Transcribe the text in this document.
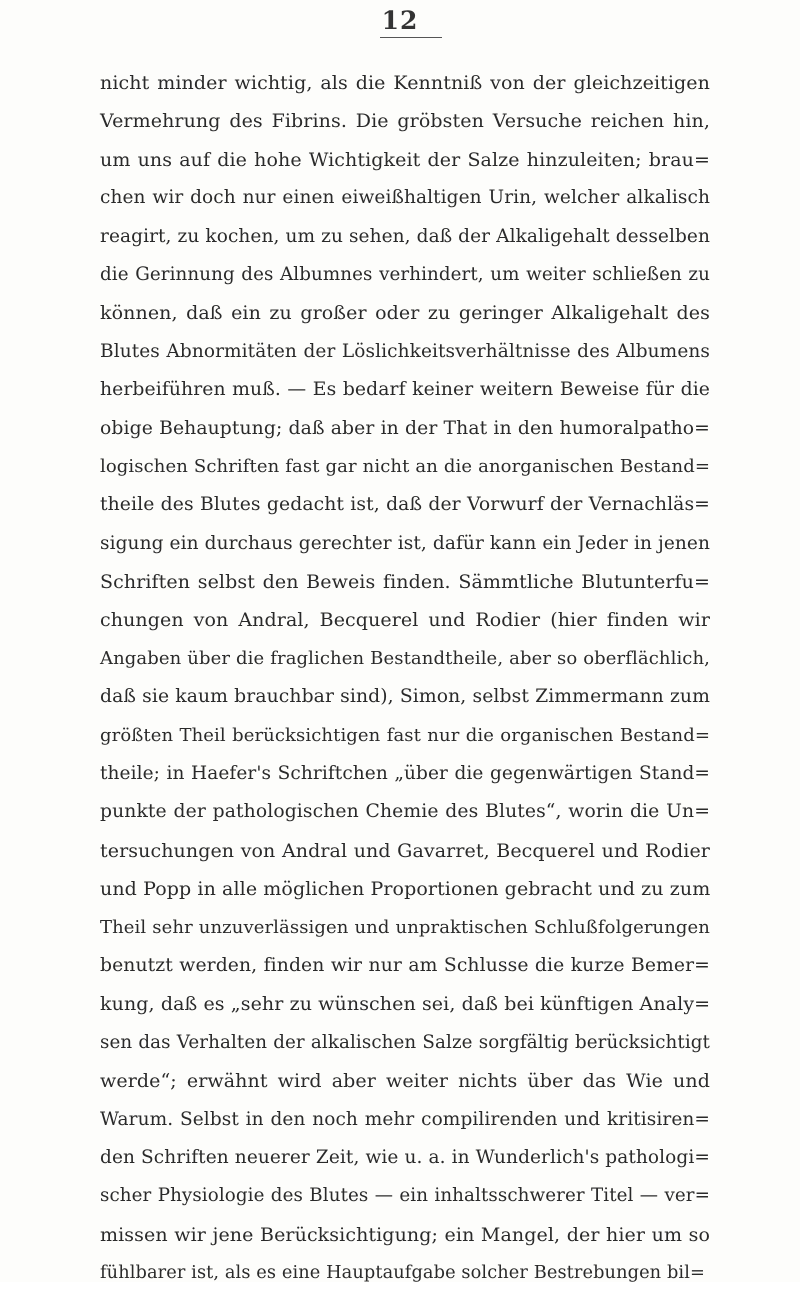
12
nicht minder wichtig, als die Kenntniß von der gleichzeitigen
Vermehrung des Fibrins. Die gröbsten Versuche reichen hin,
um uns auf die hohe Wichtigkeit der Salze hinzuleiten; brau=
chen wir doch nur einen eiweißhaltigen Urin, welcher alkalisch
reagirt, zu kochen, um zu sehen, daß der Alkaligehalt desselben
die Gerinnung des Albumnes verhindert, um weiter schließen zu
können, daß ein zu großer oder zu geringer Alkaligehalt des
Blutes Abnormitäten der Löslichkeitsverhältnisse des Albumens
herbeiführen muß. — Es bedarf keiner weitern Beweise für die
obige Behauptung; daß aber in der That in den humoralpatho=
logischen Schriften fast gar nicht an die anorganischen Bestand=
theile des Blutes gedacht ist, daß der Vorwurf der Vernachläs=
sigung ein durchaus gerechter ist, dafür kann ein Jeder in jenen
Schriften selbst den Beweis finden. Sämmtliche Blutunterfu=
chungen von Andral, Becquerel und Rodier (hier finden wir
Angaben über die fraglichen Bestandtheile, aber so oberflächlich,
daß sie kaum brauchbar sind), Simon, selbst Zimmermann zum
größten Theil berücksichtigen fast nur die organischen Bestand=
theile; in Haefer's Schriftchen „über die gegenwärtigen Stand=
punkte der pathologischen Chemie des Blutes“, worin die Un=
tersuchungen von Andral und Gavarret, Becquerel und Rodier
und Popp in alle möglichen Proportionen gebracht und zu zum
Theil sehr unzuverlässigen und unpraktischen Schlußfolgerungen
benutzt werden, finden wir nur am Schlusse die kurze Bemer=
kung, daß es „sehr zu wünschen sei, daß bei künftigen Analy=
sen das Verhalten der alkalischen Salze sorgfältig berücksichtigt
werde“; erwähnt wird aber weiter nichts über das Wie und
Warum. Selbst in den noch mehr compilirenden und kritisiren=
den Schriften neuerer Zeit, wie u. a. in Wunderlich's pathologi=
scher Physiologie des Blutes — ein inhaltsschwerer Titel — ver=
missen wir jene Berücksichtigung; ein Mangel, der hier um so
fühlbarer ist, als es eine Hauptaufgabe solcher Bestrebungen bil=
